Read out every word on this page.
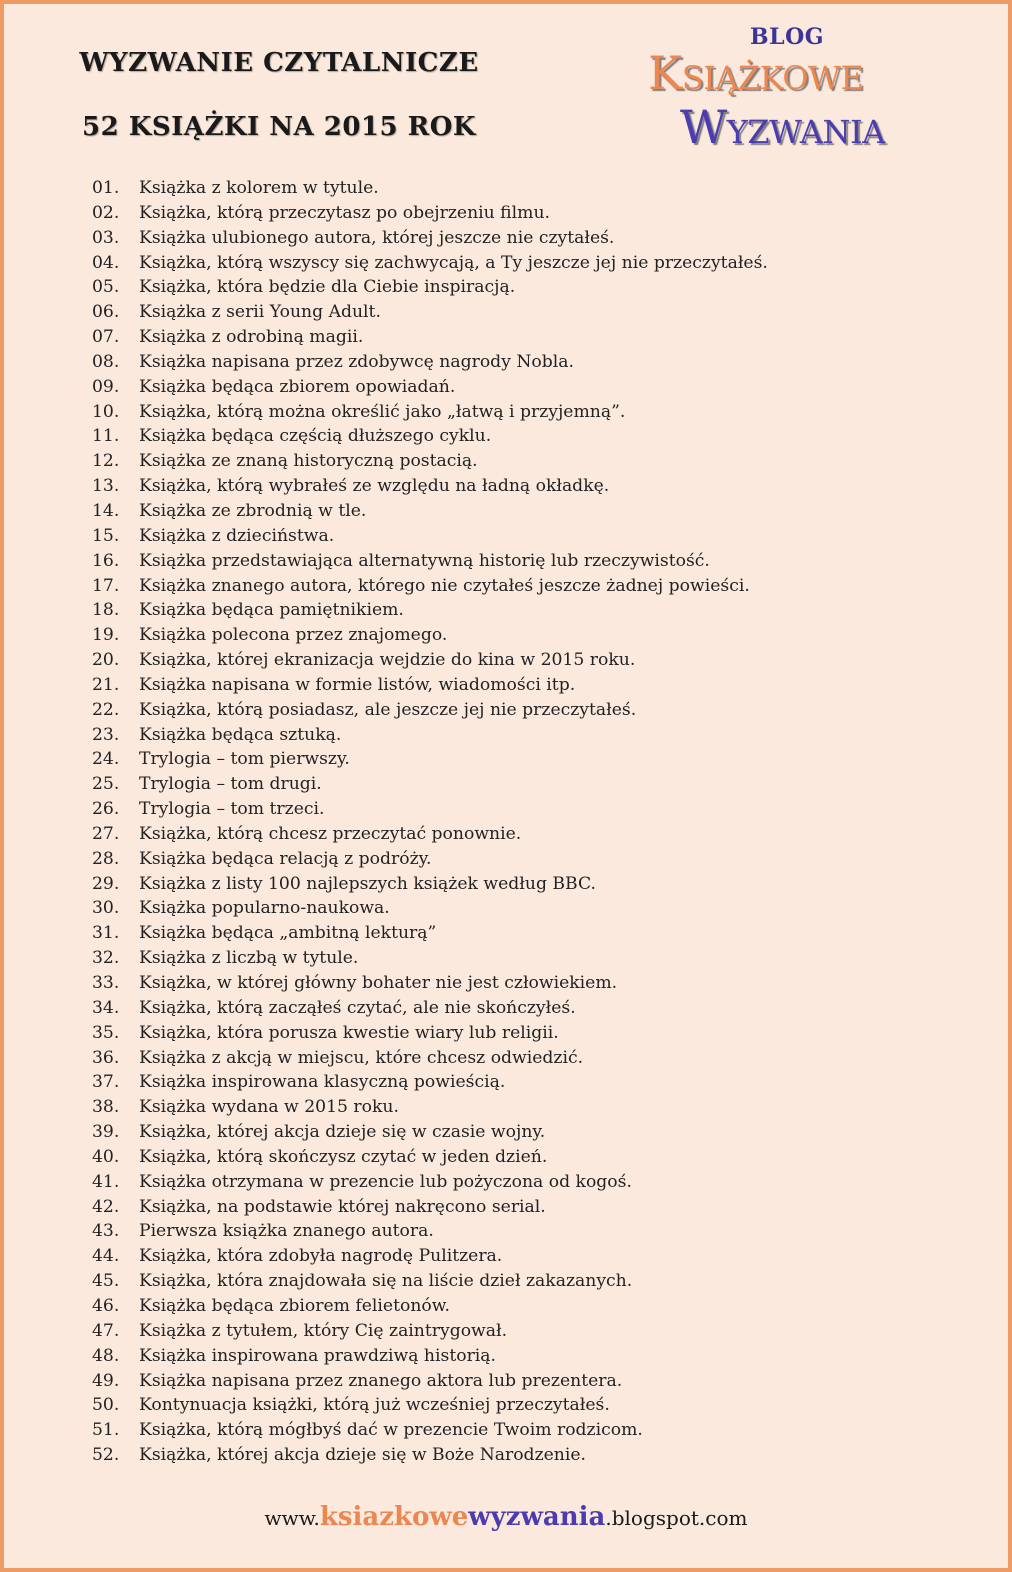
WYZWANIE CZYTALNICZE
52 KSIĄŻKI NA 2015 ROK
BLOG
Książkowe
Wyzwania
01. Książka z kolorem w tytule.
02. Książka, którą przeczytasz po obejrzeniu filmu.
03. Książka ulubionego autora, której jeszcze nie czytałeś.
04. Książka, którą wszyscy się zachwycają, a Ty jeszcze jej nie przeczytałeś.
05. Książka, która będzie dla Ciebie inspiracją.
06. Książka z serii Young Adult.
07. Książka z odrobiną magii.
08. Książka napisana przez zdobywcę nagrody Nobla.
09. Książka będąca zbiorem opowiadań.
10. Książka, którą można określić jako „łatwą i przyjemną”.
11. Książka będąca częścią dłuższego cyklu.
12. Książka ze znaną historyczną postacią.
13. Książka, którą wybrałeś ze względu na ładną okładkę.
14. Książka ze zbrodnią w tle.
15. Książka z dzieciństwa.
16. Książka przedstawiająca alternatywną historię lub rzeczywistość.
17. Książka znanego autora, którego nie czytałeś jeszcze żadnej powieści.
18. Książka będąca pamiętnikiem.
19. Książka polecona przez znajomego.
20. Książka, której ekranizacja wejdzie do kina w 2015 roku.
21. Książka napisana w formie listów, wiadomości itp.
22. Książka, którą posiadasz, ale jeszcze jej nie przeczytałeś.
23. Książka będąca sztuką.
24. Trylogia – tom pierwszy.
25. Trylogia – tom drugi.
26. Trylogia – tom trzeci.
27. Książka, którą chcesz przeczytać ponownie.
28. Książka będąca relacją z podróży.
29. Książka z listy 100 najlepszych książek według BBC.
30. Książka popularno-naukowa.
31. Książka będąca „ambitną lekturą”
32. Książka z liczbą w tytule.
33. Książka, w której główny bohater nie jest człowiekiem.
34. Książka, którą zacząłeś czytać, ale nie skończyłeś.
35. Książka, która porusza kwestie wiary lub religii.
36. Książka z akcją w miejscu, które chcesz odwiedzić.
37. Książka inspirowana klasyczną powieścią.
38. Książka wydana w 2015 roku.
39. Książka, której akcja dzieje się w czasie wojny.
40. Książka, którą skończysz czytać w jeden dzień.
41. Książka otrzymana w prezencie lub pożyczona od kogoś.
42. Książka, na podstawie której nakręcono serial.
43. Pierwsza książka znanego autora.
44. Książka, która zdobyła nagrodę Pulitzera.
45. Książka, która znajdowała się na liście dzieł zakazanych.
46. Książka będąca zbiorem felietonów.
47. Książka z tytułem, który Cię zaintrygował.
48. Książka inspirowana prawdziwą historią.
49. Książka napisana przez znanego aktora lub prezentera.
50. Kontynuacja książki, którą już wcześniej przeczytałeś.
51. Książka, którą mógłbyś dać w prezencie Twoim rodzicom.
52. Książka, której akcja dzieje się w Boże Narodzenie.
www.ksiazkowewyzwania.blogspot.com
